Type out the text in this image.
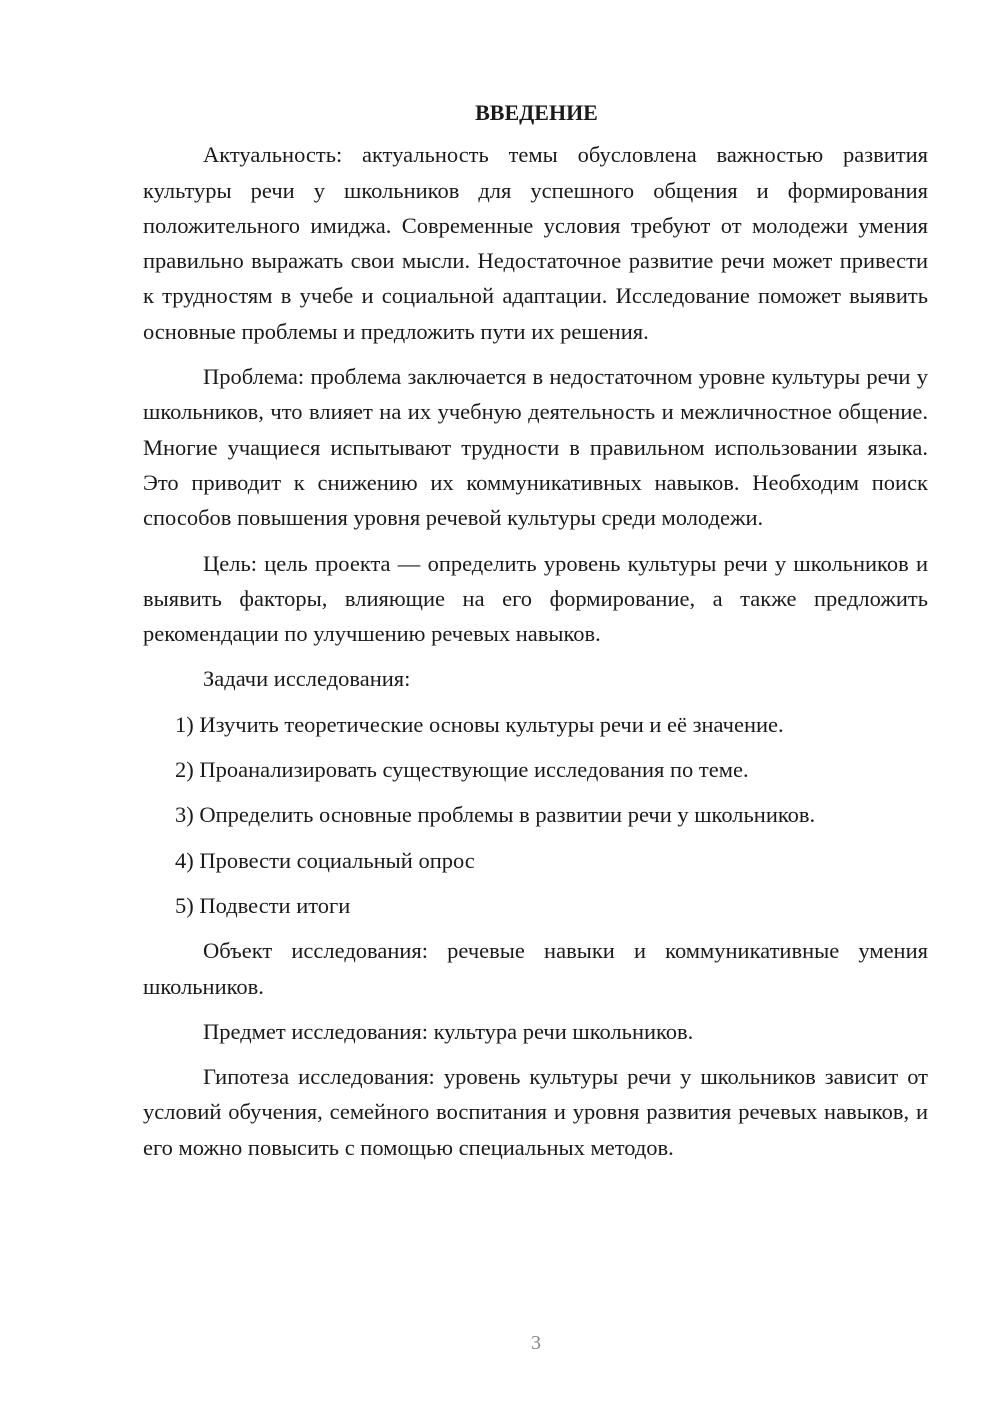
ВВЕДЕНИЕ

Актуальность: актуальность темы обусловлена важностью развития культуры речи у школьников для успешного общения и формирования положительного имиджа. Современные условия требуют от молодежи умения правильно выражать свои мысли. Недостаточное развитие речи может привести к трудностям в учебе и социальной адаптации. Исследование поможет выявить основные проблемы и предложить пути их решения.

Проблема: проблема заключается в недостаточном уровне культуры речи у школьников, что влияет на их учебную деятельность и межличностное общение. Многие учащиеся испытывают трудности в правильном использовании языка. Это приводит к снижению их коммуникативных навыков. Необходим поиск способов повышения уровня речевой культуры среди молодежи.

Цель: цель проекта — определить уровень культуры речи у школьников и выявить факторы, влияющие на его формирование, а также предложить рекомендации по улучшению речевых навыков.

Задачи исследования:

1) Изучить теоретические основы культуры речи и её значение.
2) Проанализировать существующие исследования по теме.
3) Определить основные проблемы в развитии речи у школьников.
4) Провести социальный опрос
5) Подвести итоги

Объект исследования: речевые навыки и коммуникативные умения школьников.

Предмет исследования: культура речи школьников.

Гипотеза исследования: уровень культуры речи у школьников зависит от условий обучения, семейного воспитания и уровня развития речевых навыков, и его можно повысить с помощью специальных методов.

3
